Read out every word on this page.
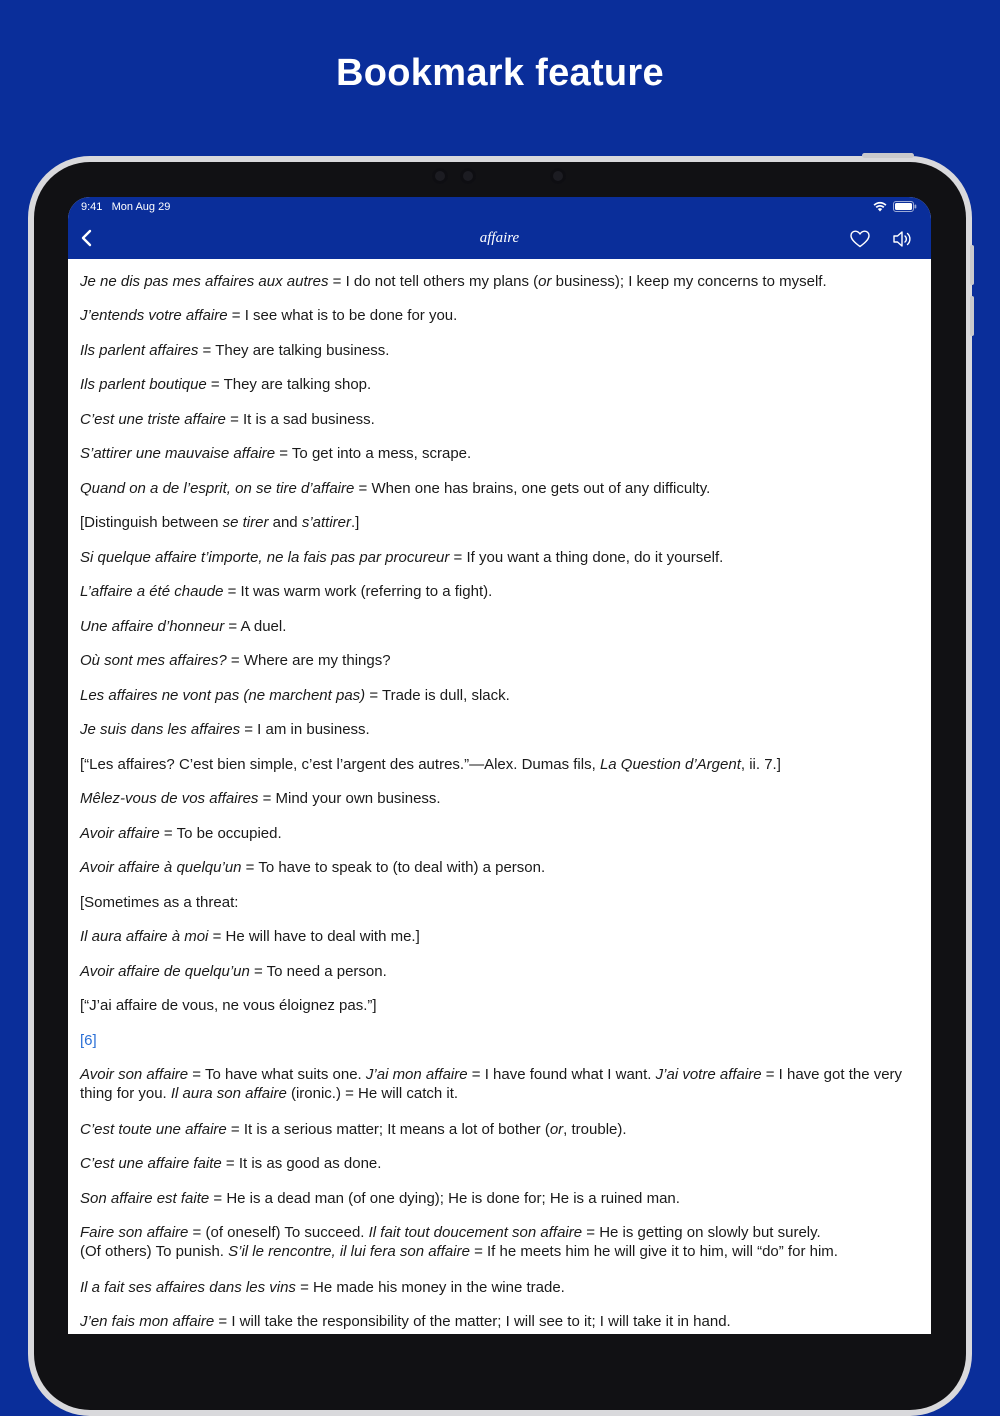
Bookmark feature
9:41 Mon Aug 29
affaire
Je ne dis pas mes affaires aux autres = I do not tell others my plans (or business); I keep my concerns to myself.
J’entends votre affaire = I see what is to be done for you.
Ils parlent affaires = They are talking business.
Ils parlent boutique = They are talking shop.
C’est une triste affaire = It is a sad business.
S’attirer une mauvaise affaire = To get into a mess, scrape.
Quand on a de l’esprit, on se tire d’affaire = When one has brains, one gets out of any difficulty.
[Distinguish between se tirer and s’attirer.]
Si quelque affaire t’importe, ne la fais pas par procureur = If you want a thing done, do it yourself.
L’affaire a été chaude = It was warm work (referring to a fight).
Une affaire d’honneur = A duel.
Où sont mes affaires? = Where are my things?
Les affaires ne vont pas (ne marchent pas) = Trade is dull, slack.
Je suis dans les affaires = I am in business.
[“Les affaires? C’est bien simple, c’est l’argent des autres.”—Alex. Dumas fils, La Question d’Argent, ii. 7.]
Mêlez-vous de vos affaires = Mind your own business.
Avoir affaire = To be occupied.
Avoir affaire à quelqu’un = To have to speak to (to deal with) a person.
[Sometimes as a threat:
Il aura affaire à moi = He will have to deal with me.]
Avoir affaire de quelqu’un = To need a person.
[“J’ai affaire de vous, ne vous éloignez pas.”]
[6]
Avoir son affaire = To have what suits one. J’ai mon affaire = I have found what I want. J’ai votre affaire = I have got the very thing for you. Il aura son affaire (ironic.) = He will catch it.
C’est toute une affaire = It is a serious matter; It means a lot of bother (or, trouble).
C’est une affaire faite = It is as good as done.
Son affaire est faite = He is a dead man (of one dying); He is done for; He is a ruined man.
Faire son affaire = (of oneself) To succeed. Il fait tout doucement son affaire = He is getting on slowly but surely.
(Of others) To punish. S’il le rencontre, il lui fera son affaire = If he meets him he will give it to him, will “do” for him.
Il a fait ses affaires dans les vins = He made his money in the wine trade.
J’en fais mon affaire = I will take the responsibility of the matter; I will see to it; I will take it in hand.
